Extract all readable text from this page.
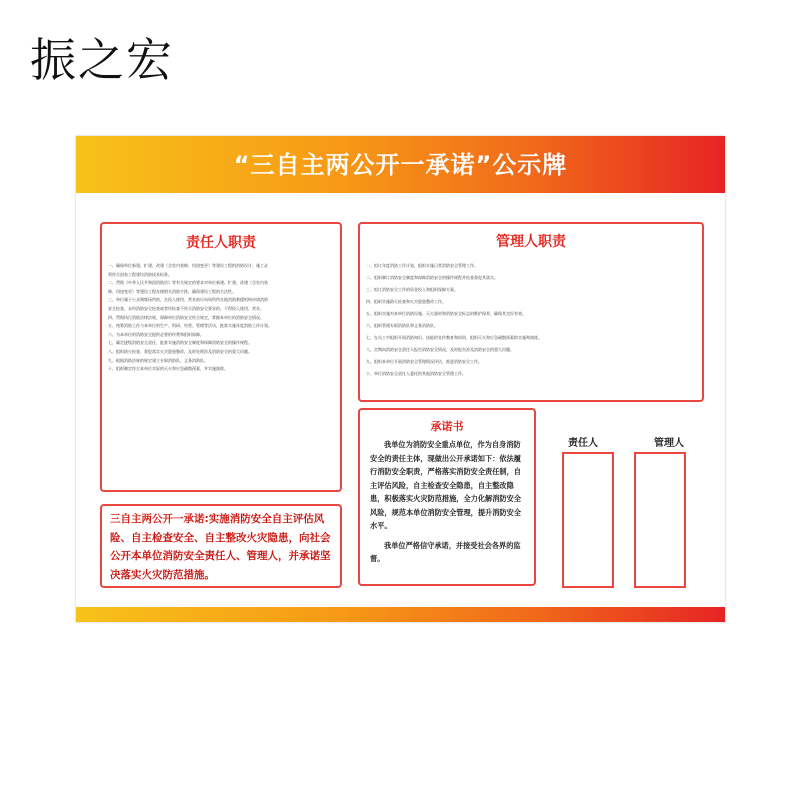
振之宏
“三自主两公开一承诺”公示牌
责任人职责
一、确保单位新建、扩建、改建（含室内装修、用途变更）等建设工程的消防设计、施工必
须符合国家工程建设消防技术标准。
二、贯彻《中华人民共和国消防法》等有关规定的要求对单位新建、扩建、改建（含室内装
修、用途变更）等建设工程办理相关消防手续，确保建设工程的合法性。
三、单位属于公众聚集场所的，在投入使用、营业前应向场所所在地消防救援机构申请消防
安全检查，未经消防安全检查或者经检查不符合消防安全要求的，不得投入使用、营业。
四、贯彻执行消防法律法规，保障单位消防安全符合规定，掌握本单位的消防安全情况。
五、统筹消防工作与本单位的生产、科研、经营、管理等活动，批准实施年度消防工作计划。
六、为本单位的消防安全提供必要的经费和组织保障。
七、确定逐级消防安全责任，批准实施消防安全制度和保障消防安全的操作规程。
八、组织防火检查，督促落实火灾隐患整改，及时处理涉及消防安全的重大问题。
九、根据消防法规的规定建立专职消防队、义务消防队。
十、组织制定符合本单位实际的灭火和应急疏散预案，并实施演练。
管理人职责
一、拟订年度消防工作计划，组织实施日常消防安全管理工作。
二、组织制订消防安全制度和保障消防安全的操作规程并检查督促其落实。
三、拟订消防安全工作的资金投入和组织保障方案。
四、组织实施防火检查和火灾隐患整改工作。
五、组织实施对本单位消防设施、灭火器材和消防安全标志的维护保养，确保其完好有效。
六、组织管理专职消防队和义务消防队。
七、在员工中组织开展消防知识、技能的宣传教育和培训，组织灭火和应急疏散预案的实施和演练。
八、定期向消防安全责任人报告消防安全情况，及时报告涉及消防安全的重大问题。
九、组织本单位开展消防安全管理情况评估，推进消防安全工作。
十、单位消防安全责任人委托的其他消防安全管理工作。
承诺书

我单位为消防安全重点单位，作为自身消防安全的责任主体，现做出公开承诺如下：依法履行消防安全职责，严格落实消防安全责任制，自主评估风险，自主检查安全隐患，自主整改隐患，积极落实火灾防范措施，全力化解消防安全风险，规范本单位消防安全管理，提升消防安全水平。

我单位严格信守承诺，并接受社会各界的监督。

三自主两公开一承诺:实施消防安全自主评估风险、自主检查安全、自主整改火灾隐患，向社会公开本单位消防安全责任人、管理人，并承诺坚决落实火灾防范措施。
责任人	管理人
